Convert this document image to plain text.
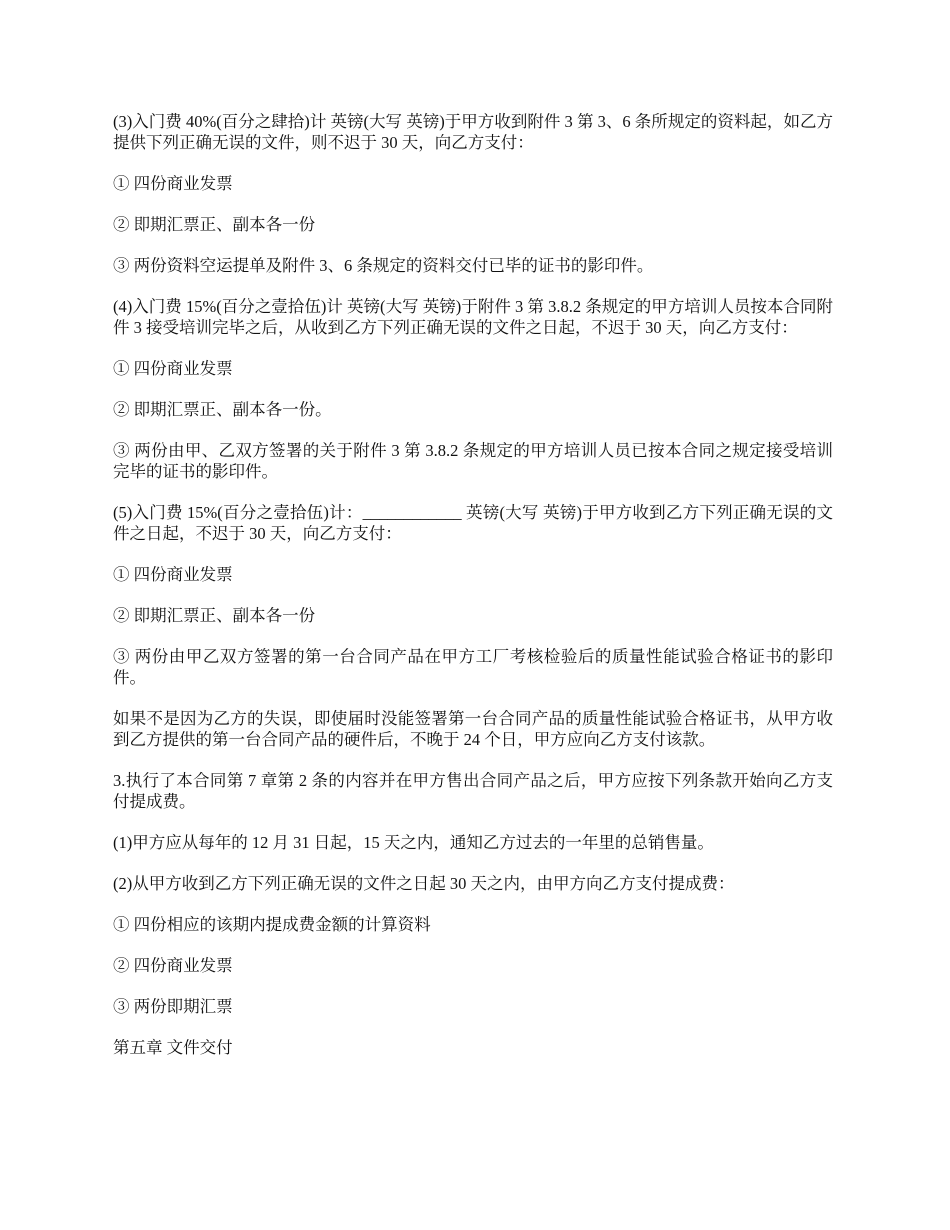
(3)入门费 40%(百分之肆拾)计 英镑(大写 英镑)于甲方收到附件 3 第 3、6 条所规定的资料起，如乙方提供下列正确无误的文件，则不迟于 30 天，向乙方支付：

① 四份商业发票

② 即期汇票正、副本各一份

③ 两份资料空运提单及附件 3、6 条规定的资料交付已毕的证书的影印件。

(4)入门费 15%(百分之壹拾伍)计 英镑(大写 英镑)于附件 3 第 3.8.2 条规定的甲方培训人员按本合同附件 3 接受培训完毕之后，从收到乙方下列正确无误的文件之日起，不迟于 30 天，向乙方支付：

① 四份商业发票

② 即期汇票正、副本各一份。

③ 两份由甲、乙双方签署的关于附件 3 第 3.8.2 条规定的甲方培训人员已按本合同之规定接受培训完毕的证书的影印件。

(5)入门费 15%(百分之壹拾伍)计：____________ 英镑(大写 英镑)于甲方收到乙方下列正确无误的文件之日起，不迟于 30 天，向乙方支付：

① 四份商业发票

② 即期汇票正、副本各一份

③ 两份由甲乙双方签署的第一台合同产品在甲方工厂考核检验后的质量性能试验合格证书的影印件。

如果不是因为乙方的失误，即使届时没能签署第一台合同产品的质量性能试验合格证书，从甲方收到乙方提供的第一台合同产品的硬件后，不晚于 24 个日，甲方应向乙方支付该款。

3.执行了本合同第 7 章第 2 条的内容并在甲方售出合同产品之后，甲方应按下列条款开始向乙方支付提成费。

(1)甲方应从每年的 12 月 31 日起，15 天之内，通知乙方过去的一年里的总销售量。

(2)从甲方收到乙方下列正确无误的文件之日起 30 天之内，由甲方向乙方支付提成费：

① 四份相应的该期内提成费金额的计算资料

② 四份商业发票

③ 两份即期汇票

第五章 文件交付
